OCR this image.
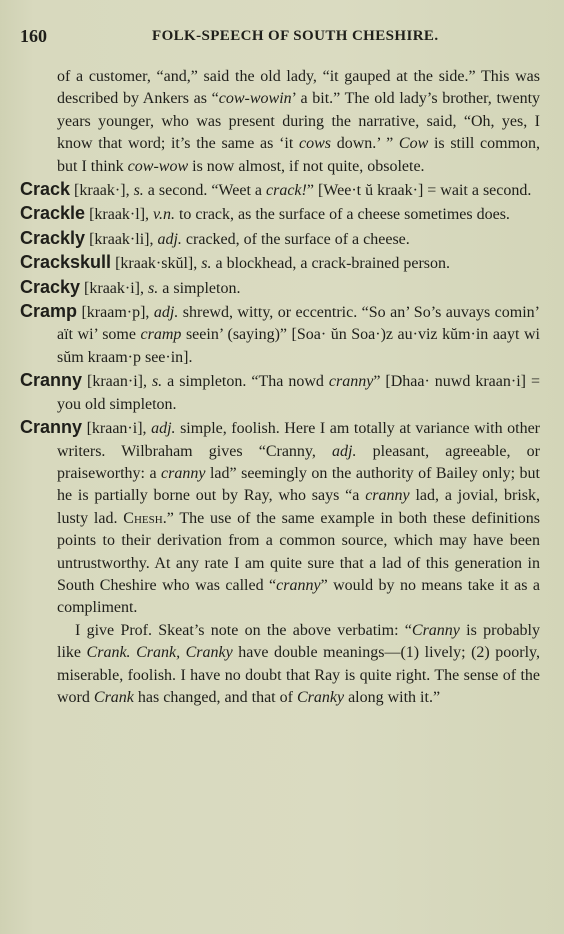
160	FOLK-SPEECH OF SOUTH CHESHIRE.

of a customer, “and,” said the old lady, “it gauped at the side.” This was described by Ankers as “cow-wowin’ a bit.” The old lady’s brother, twenty years younger, who was present during the narrative, said, “Oh, yes, I know that word; it’s the same as ‘it cows down.’ ” Cow is still common, but I think cow-wow is now almost, if not quite, obsolete.

Crack [kraak·], s. a second. “Weet a crack!” [Wee·t ŭ kraak·] = wait a second.

Crackle [kraak·l], v.n. to crack, as the surface of a cheese sometimes does.

Crackly [kraak·li], adj. cracked, of the surface of a cheese.

Crackskull [kraak·skŭl], s. a blockhead, a crack-brained person.

Cracky [kraak·i], s. a simpleton.

Cramp [kraam·p], adj. shrewd, witty, or eccentric. “So an’ So’s auvays comin’ aït wi’ some cramp seein’ (saying)” [Soa· ŭn Soa·)z au·viz kŭm·in aayt wi sŭm kraam·p see·in].

Cranny [kraan·i], s. a simpleton. “Tha nowd cranny” [Dhaa· nuwd kraan·i] = you old simpleton.

Cranny [kraan·i], adj. simple, foolish. Here I am totally at variance with other writers. Wilbraham gives “Cranny, adj. pleasant, agreeable, or praiseworthy: a cranny lad” seemingly on the authority of Bailey only; but he is partially borne out by Ray, who says “a cranny lad, a jovial, brisk, lusty lad. Chesh.” The use of the same example in both these definitions points to their derivation from a common source, which may have been untrustworthy. At any rate I am quite sure that a lad of this generation in South Cheshire who was called “cranny” would by no means take it as a compliment.

I give Prof. Skeat’s note on the above verbatim: “Cranny is probably like Crank. Crank, Cranky have double meanings—(1) lively; (2) poorly, miserable, foolish. I have no doubt that Ray is quite right. The sense of the word Crank has changed, and that of Cranky along with it.”
